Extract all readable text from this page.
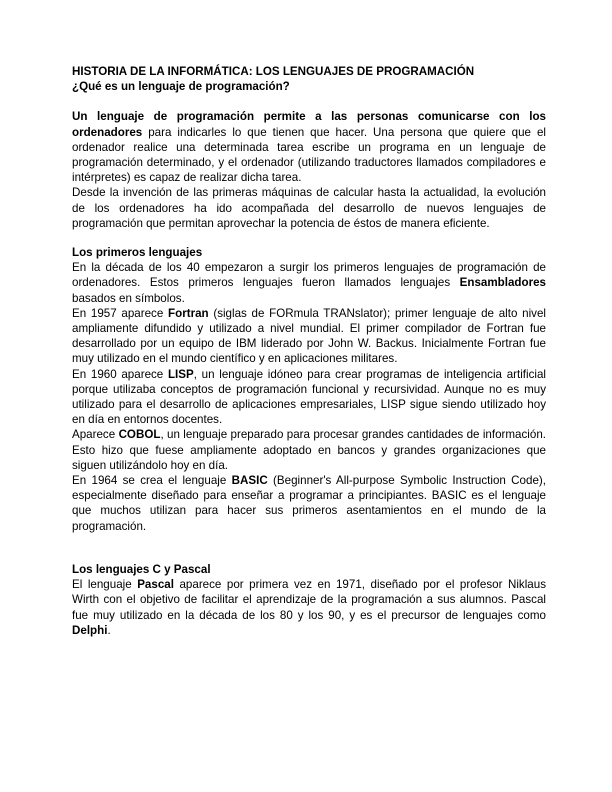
HISTORIA DE LA INFORMÁTICA: LOS LENGUAJES DE PROGRAMACIÓN

¿Qué es un lenguaje de programación?

Un lenguaje de programación permite a las personas comunicarse con los ordenadores para indicarles lo que tienen que hacer. Una persona que quiere que el ordenador realice una determinada tarea escribe un programa en un lenguaje de programación determinado, y el ordenador (utilizando traductores llamados compiladores e intérpretes) es capaz de realizar dicha tarea.

Desde la invención de las primeras máquinas de calcular hasta la actualidad, la evolución de los ordenadores ha ido acompañada del desarrollo de nuevos lenguajes de programación que permitan aprovechar la potencia de éstos de manera eficiente.

Los primeros lenguajes

En la década de los 40 empezaron a surgir los primeros lenguajes de programación de ordenadores. Estos primeros lenguajes fueron llamados lenguajes Ensambladores basados en símbolos.

En 1957 aparece Fortran (siglas de FORmula TRANslator); primer lenguaje de alto nivel ampliamente difundido y utilizado a nivel mundial. El primer compilador de Fortran fue desarrollado por un equipo de IBM liderado por John W. Backus. Inicialmente Fortran fue muy utilizado en el mundo científico y en aplicaciones militares.

En 1960 aparece LISP, un lenguaje idóneo para crear programas de inteligencia artificial porque utilizaba conceptos de programación funcional y recursividad. Aunque no es muy utilizado para el desarrollo de aplicaciones empresariales, LISP sigue siendo utilizado hoy en día en entornos docentes.

Aparece COBOL, un lenguaje preparado para procesar grandes cantidades de información. Esto hizo que fuese ampliamente adoptado en bancos y grandes organizaciones que siguen utilizándolo hoy en día.

En 1964 se crea el lenguaje BASIC (Beginner's All-purpose Symbolic Instruction Code), especialmente diseñado para enseñar a programar a principiantes. BASIC es el lenguaje que muchos utilizan para hacer sus primeros asentamientos en el mundo de la programación.

Los lenguajes C y Pascal

El lenguaje Pascal aparece por primera vez en 1971, diseñado por el profesor Niklaus Wirth con el objetivo de facilitar el aprendizaje de la programación a sus alumnos. Pascal fue muy utilizado en la década de los 80 y los 90, y es el precursor de lenguajes como Delphi.
